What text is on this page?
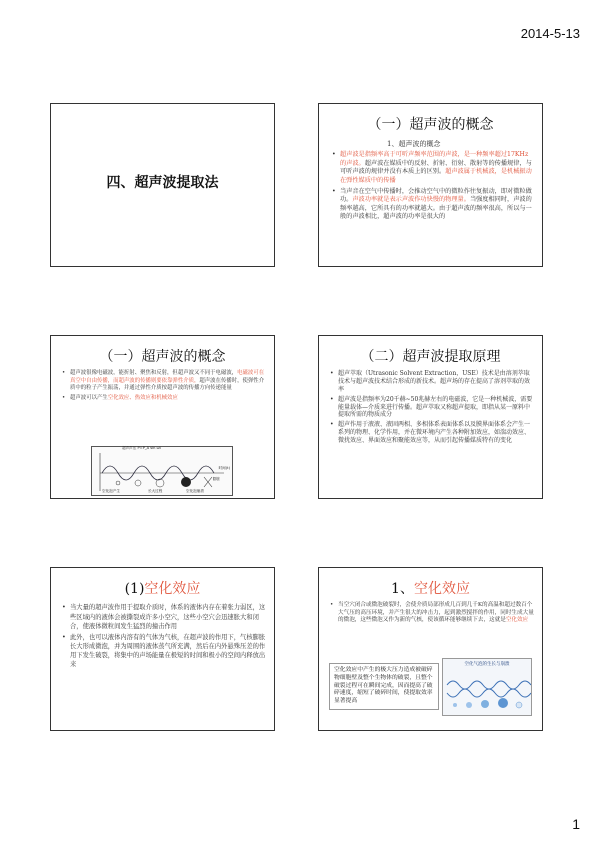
2014-5-13
四、超声波提取法
（一）超声波的概念
1、超声波的概念
• 超声波是指频率高于可听声频率范围的声波，是一种频率超过17KHz的声波。超声波在媒质中的反射、折射、衍射、散射等的传播规律，与可听声波的规律并没有本质上的区别。超声波属于机械波，是机械振动在弹性媒质中的传播
• 当声音在空气中传播时，会推动空气中的微粒作往复振动，即对微粒做功。声波功率就是表示声波作功快慢的物理量。当强度相同时，声波的频率越高，它所具有的功率就越大。由于超声波的频率很高，所以与一般的声波相比，超声波的功率是很大的
（一）超声波的概念
• 超声波很像电磁波，能折射、聚焦和反射，但超声波又不同于电磁波，电磁波可在真空中自由传播，而超声波的传播则要依靠弹性介质，超声波在传播时，使弹性介质中的粒子产生振荡，并通过弹性介质按超声波的传播方向传递能量
• 超声波可以产生空化效应、热效应和机械效应
超声声压 P=P_A sin ωt
时间(t)
膨胀
空化泡产生	长大过程	空化泡崩溃
（二）超声波提取原理
• 超声萃取（Utrasonic Solvent Extraction，USE）技术是由溶剂萃取技术与超声波技术结合形成的新技术。超声场的存在提高了溶剂萃取的效率
• 超声波是指频率为20千赫~50兆赫左右的电磁波，它是一种机械波，需要能量载体—介质来进行传播。超声萃取又称超声提取，即指从某一原料中提取所需的物质成分
• 超声作用于液液、液固两相、多相体系表面体系以及膜界面体系会产生一系列的物理、化学作用，并在微环境内产生各种附加效应，如湍动效应、微扰效应、界面效应和聚能效应等，从而引起传播媒质特有的变化
(1)空化效应
• 当大量的超声波作用于提取介质时，体系的液体内存在着张力弱区，这些区域内的液体会被撕裂成许多小空穴，这些小空穴会迅速胀大和闭合，使液体微粒间发生猛烈的撞击作用
• 此外，也可以液体内溶有的气体为气核，在超声波的作用下，气核膨胀长大形成微泡，并为周围的液体蒸气所充满，然后在内外悬殊压差的作用下发生破裂，将集中的声场能量在极短的时间和极小的空间内释放出来
1、空化效应
• 当空穴闭合或微泡破裂时，会使介质局部形成几百到几千K的高温和超过数百个大气压的高压环境，并产生很大的冲击力，起到激烈搅拌的作用，同时生成大量的微泡，这些微泡又作为新的气核，使该循环能够继续下去，这就是空化效应
空化效应中产生的极大压力造成被破碎物细胞壁及整个生物体的破裂，且整个破裂过程可在瞬间完成，因而提高了破碎速度，缩短了破碎时间，使提取效率显著提高
空化气泡的生长与崩溃
1
